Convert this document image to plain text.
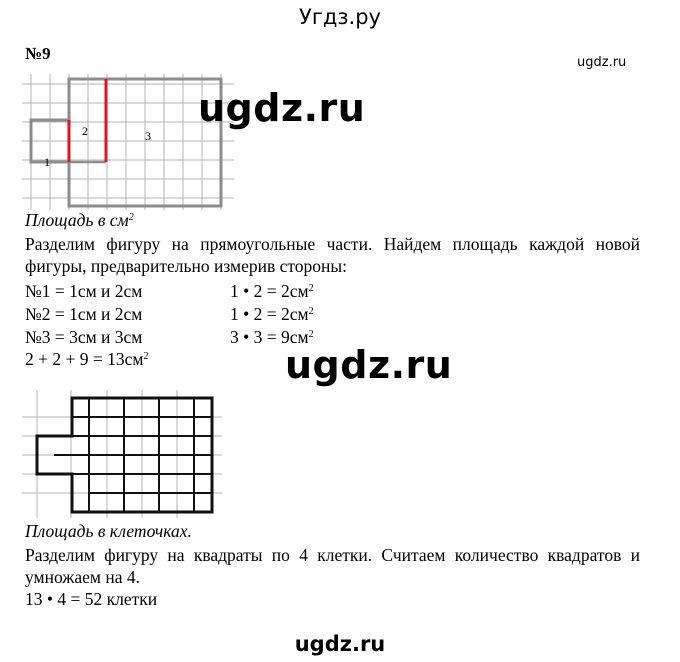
Угдз.ру
ugdz.ru
№9
1
2	3
ugdz.ru
Площадь в $см^2$
Разделим фигуру на прямоугольные части. Найдем площадь каждой новой
фигуры, предварительно измерив стороны:
№1 = 1см и 2см	1 • $2 = 2см^2$
№2 = 1см и 2см	1 • $2 = 2см^2$
№3 = 3см и 3см	3 • $3 = 9см^2$
$2 + 2 + 9 = 13см^2$	ugdz.ru
Площадь в клеточках.
Разделим фигуру на квадраты по 4 клетки. Считаем количество квадратов и
умножаем на 4.
13 • 4 = 52 клетки
ugdz.ru
